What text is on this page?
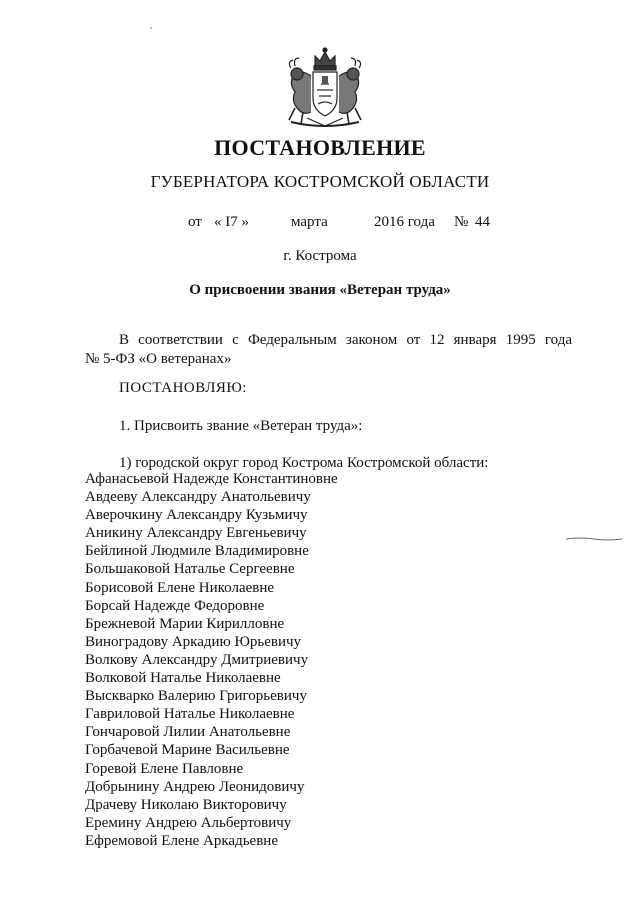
ПОСТАНОВЛЕНИЕ
ГУБЕРНАТОРА КОСТРОМСКОЙ ОБЛАСТИ
от « I7 »	марта	2016 года № 44
г. Кострома
О присвоении звания «Ветеран труда»
В соответствии с Федеральным законом от 12 января 1995 года
№ 5-ФЗ «О ветеранах»
ПОСТАНОВЛЯЮ:
1. Присвоить звание «Ветеран труда»:
1) городской округ город Кострома Костромской области:
Афанасьевой Надежде Константиновне
Авдееву Александру Анатольевичу
Аверочкину Александру Кузьмичу
Аникину Александру Евгеньевичу
Бейлиной Людмиле Владимировне
Большаковой Наталье Сергеевне
Борисовой Елене Николаевне
Борсай Надежде Федоровне
Брежневой Марии Кирилловне
Виноградову Аркадию Юрьевичу
Волкову Александру Дмитриевичу
Волковой Наталье Николаевне
Выскварко Валерию Григорьевичу
Гавриловой Наталье Николаевне
Гончаровой Лилии Анатольевне
Горбачевой Марине Васильевне
Горевой Елене Павловне
Добрынину Андрею Леонидовичу
Драчеву Николаю Викторовичу
Еремину Андрею Альбертовичу
Ефремовой Елене Аркадьевне
